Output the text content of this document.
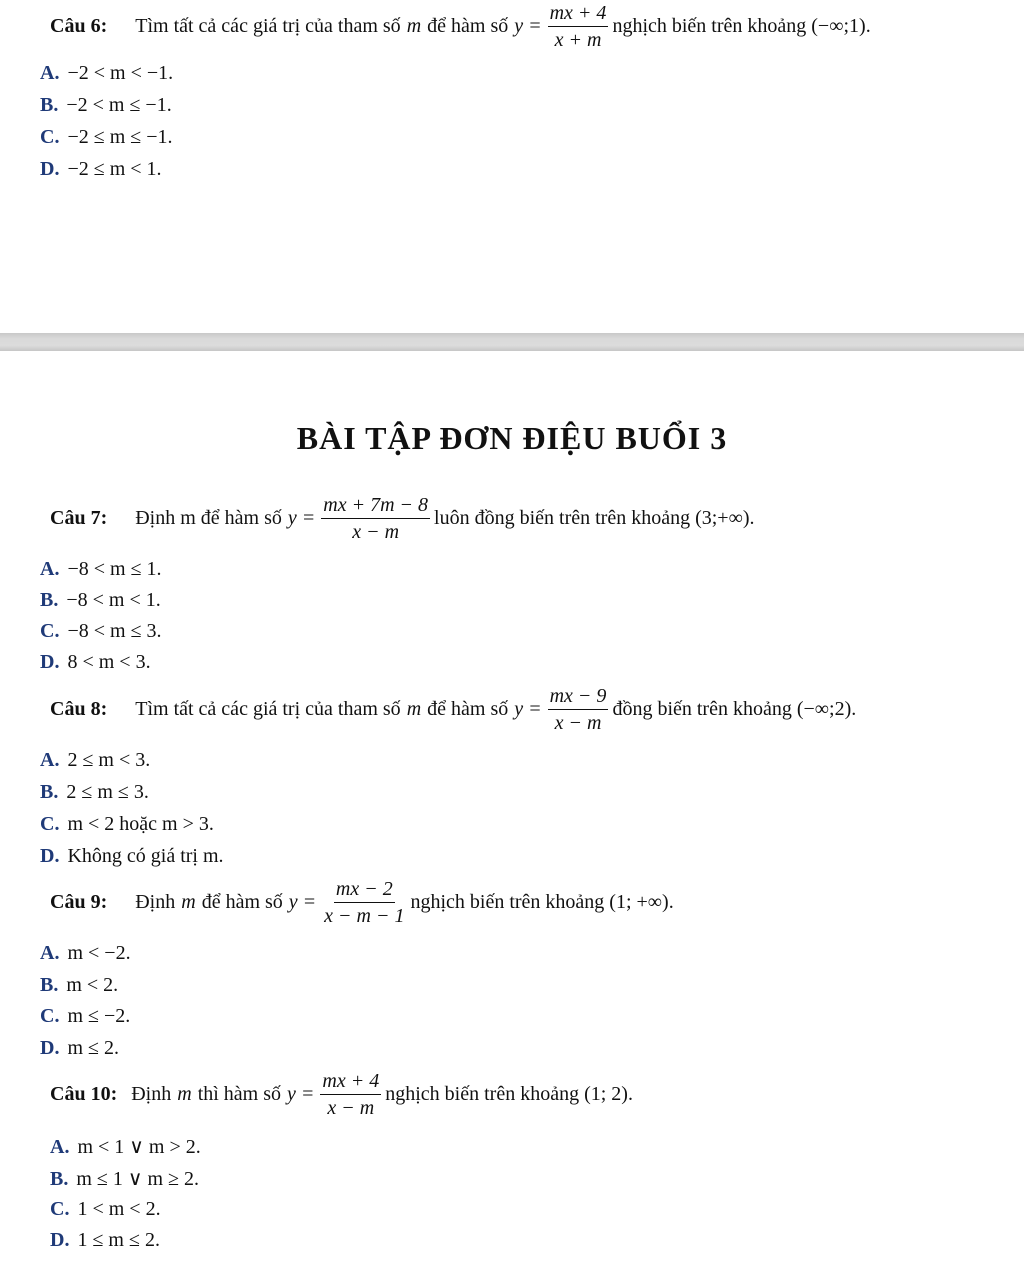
Câu 6: Tìm tất cả các giá trị của tham số m để hàm số $y = \frac{mx + 4}{x + m}$ nghịch biến trên khoảng (−∞;1).
A. −2 < m < −1.
B. −2 < m ≤ −1.
C. −2 ≤ m ≤ −1.
D. −2 ≤ m < 1.
BÀI TẬP ĐƠN ĐIỆU BUỔI 3
Câu 7: Định m để hàm số $y = \frac{mx + 7m - 8}{x - m}$ luôn đồng biến trên trên khoảng (3;+∞).
A. −8 < m ≤ 1.
B. −8 < m < 1.
C. −8 < m ≤ 3.
D. 8 < m < 3.
Câu 8: Tìm tất cả các giá trị của tham số m để hàm số $y = \frac{mx - 9}{x - m}$ đồng biến trên khoảng (−∞;2).
A. 2 ≤ m < 3.
B. 2 ≤ m ≤ 3.
C. m < 2 hoặc m > 3.
D. Không có giá trị m.
Câu 9: Định m để hàm số $y = \frac{mx - 2}{x - m - 1}$ nghịch biến trên khoảng (1; +∞).
A. m < −2.
B. m < 2.
C. m ≤ −2.
D. m ≤ 2.
Câu 10: Định m thì hàm số $y = \frac{mx + 4}{x - m}$ nghịch biến trên khoảng (1; 2).
A. m < 1 ∨ m > 2.
B. m ≤ 1 ∨ m ≥ 2.
C. 1 < m < 2.
D. 1 ≤ m ≤ 2.
